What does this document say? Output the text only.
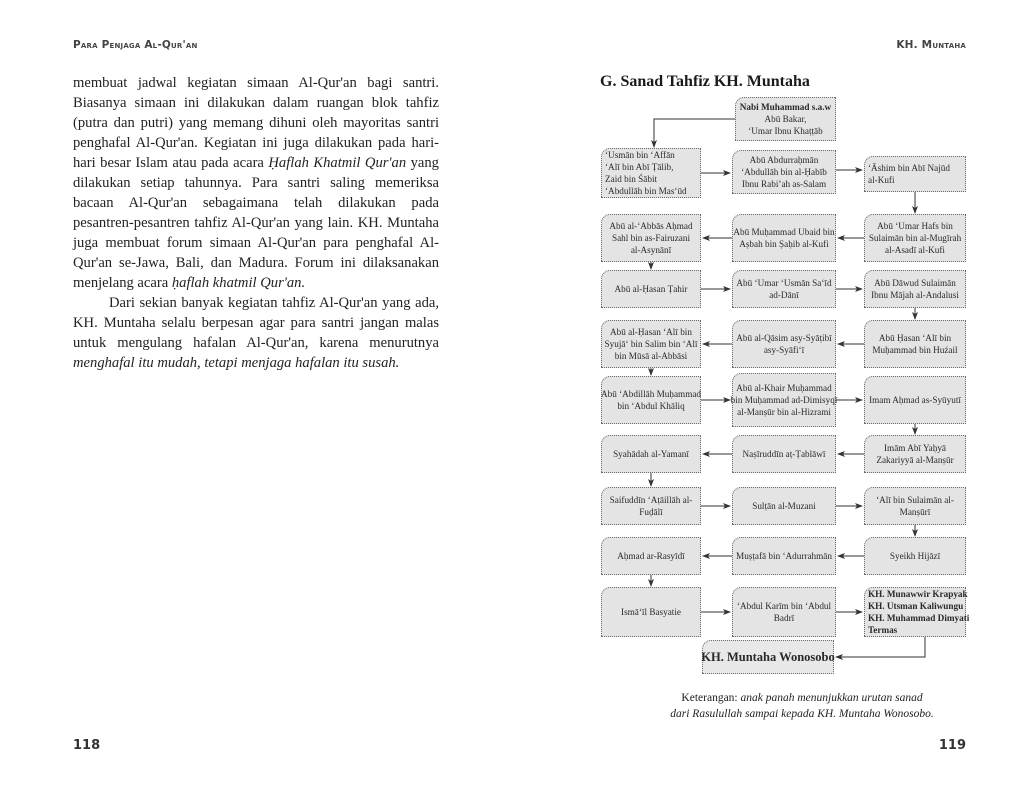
Para Penjaga Al-Qur'an

membuat jadwal kegiatan simaan Al-Qur'an bagi santri. Biasanya simaan ini dilakukan dalam ruangan blok tahfiz (putra dan putri) yang memang dihuni oleh mayoritas santri penghafal Al-Qur'an. Kegiatan ini juga dilakukan pada hari-hari besar Islam atau pada acara Ḥaflah Khatmil Qur'an yang dilakukan setiap tahunnya. Para santri saling memeriksa bacaan Al-Qur'an sebagaimana telah dilakukan pada pesantren-pesantren tahfiz Al-Qur'an yang lain. KH. Muntaha juga membuat forum simaan Al-Qur'an para penghafal Al-Qur'an se-Jawa, Bali, dan Madura. Forum ini dilaksanakan menjelang acara ḥaflah khatmil Qur'an.

Dari sekian banyak kegiatan tahfiz Al-Qur'an yang ada, KH. Muntaha selalu berpesan agar para santri jangan malas untuk mengulang hafalan Al-Qur'an, karena menurutnya menghafal itu mudah, tetapi menjaga hafalan itu susah.

118
KH. Muntaha
G. Sanad Tahfiz KH. Muntaha
Nabi Muhammad s.a.w
Abū Bakar,
‘Umar Ibnu Khaṭṭāb
‘Usmān bin ‘Affān
‘Alī bin Abī Ṭālib,
Zaid bin Śābit
‘Abdullāh bin Mas‘ūd
Abū Abdurraḥmān
‘Abdullāh bin al-Ḥabīb
Ibnu Rabi’ah as-Salam
‘Āshim bin Abī Najūd
al-Kufi
Abū ‘Umar Hafs bin
Sulaimān bin al-Mugīrah
al-Asadī al-Kufi
Abū Muḥammad Ubaid bin
Aṣbah bin Ṣaḥib al-Kufi
Abū al-‘Abbās Aḥmad
Sahl bin as-Fairuzani
al-Asynānī
Abū al-Ḥasan Ṭahir
Abū ‘Umar ‘Usmān Sa‘īd
ad-Dānī
Abū Dāwud Sulaimān
Ibnu Mājah al-Andalusi
Abū Ḥasan ‘Alī bin
Muḥammad bin Huźail
Abū al-Qāsim asy-Syāṭibī
asy-Syāfi‘ī
Abū al-Ḥasan ‘Alī bin
Syujā‘ bin Salim bin ‘Alī
bin Mūsā al-Abbāsi
Abū ‘Abdillāh Muḥammad
bin ‘Abdul Khāliq
Abū al-Khair Muḥammad
bin Muḥammad ad-Dimisyqī
al-Manṣūr bin al-Hizrami
Imam Aḥmad as-Syūyutī
Imām Abī Yaḥyā
Zakariyyā al-Manṣūr
Naṣīruddīn aṭ-Ṭablāwī
Syahādah al-Yamanī
Saifuddīn ‘Aṭāillāh al-
Fuḍālī
Sulṭān al-Muzani
‘Alī bin Sulaimān al-
Manṣūrī
Syeikh Hijāzī
Muṣṭafā bin ‘Adurrahmān
Aḥmad ar-Rasyīdī
Ismā‘īl Basyatie
‘Abdul Karīm bin ‘Abdul
Badrī
KH. Munawwir Krapyak
KH. Utsman Kaliwungu
KH. Muhammad Dimyati
Termas
KH. Muntaha Wonosobo
Keterangan: anak panah menunjukkan urutan sanad
dari Rasulullah sampai kepada KH. Muntaha Wonosobo.
119
